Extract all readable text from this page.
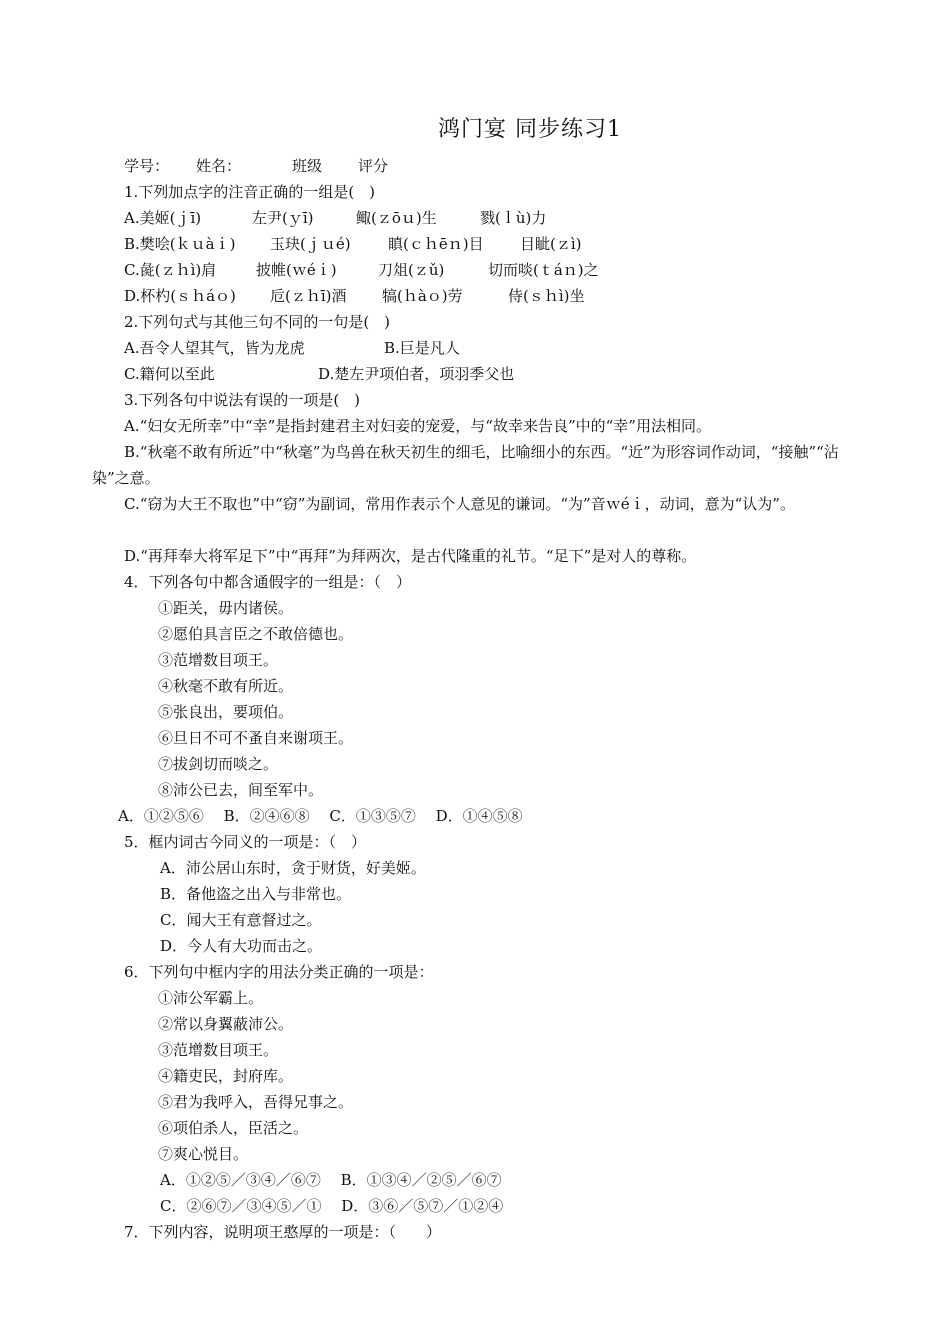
鸿门宴 同步练习1
学号： 姓名：	班级 评分
1.下列加点字的注音正确的一组是(　)
A.美姬(ｊī)	左尹(ｙī)	鲰(ｚōｕ)生	戮(ｌù)力
B.樊哙(ｋｕàｉ) 玉玦(ｊｕé) 瞋(ｃｈēｎ)目 目眦(ｚì)
C.彘(ｚｈì)肩	披帷(ｗéｉ)	刀俎(ｚǔ)	切而啖(ｔáｎ)之
D.杯杓(ｓｈáｏ) 卮(ｚｈī)酒 犒(ｈàｏ)劳	侍(ｓｈì)坐
2.下列句式与其他三句不同的一句是(　)
A.吾令人望其气，皆为龙虎	B.巨是凡人
C.籍何以至此	D.楚左尹项伯者，项羽季父也
3.下列各句中说法有误的一项是(　)
A.“妇女无所幸”中“幸”是指封建君主对妇妾的宠爱，与“故幸来告良”中的“幸”用法相同。
B.“秋毫不敢有所近”中“秋毫”为鸟兽在秋天初生的细毛，比喻细小的东西。“近”为形容词作动词，“接触”“沾染”之意。
C.“窃为大王不取也”中“窃”为副词，常用作表示个人意见的谦词。“为”音ｗéｉ，动词，意为“认为”。
D.“再拜奉大将军足下”中“再拜”为拜两次，是古代隆重的礼节。“足下”是对人的尊称。
4．下列各句中都含通假字的一组是：（　）
①距关，毋内诸侯。
②愿伯具言臣之不敢倍德也。
③范增数目项王。
④秋毫不敢有所近。
⑤张良出，要项伯。
⑥旦日不可不蚤自来谢项王。
⑦拔剑切而啖之。
⑧沛公已去，间至军中。
A．①②⑤⑥　 B．②④⑥⑧　 C．①③⑤⑦　 D．①④⑤⑧
5．框内词古今同义的一项是：（　）
A．沛公居山东时，贪于财货，好美姬。
B．备他盗之出入与非常也。
C．闻大王有意督过之。
D．今人有大功而击之。
6．下列句中框内字的用法分类正确的一项是：
①沛公军霸上。
②常以身翼蔽沛公。
③范增数目项王。
④籍吏民，封府库。
⑤君为我呼入，吾得兄事之。
⑥项伯杀人，臣活之。
⑦爽心悦目。
A．①②⑤／③④／⑥⑦　 B．①③④／②⑤／⑥⑦
C．②⑥⑦／③④⑤／①　 D．③⑥／⑤⑦／①②④
7．下列内容，说明项王憨厚的一项是：（　　）
